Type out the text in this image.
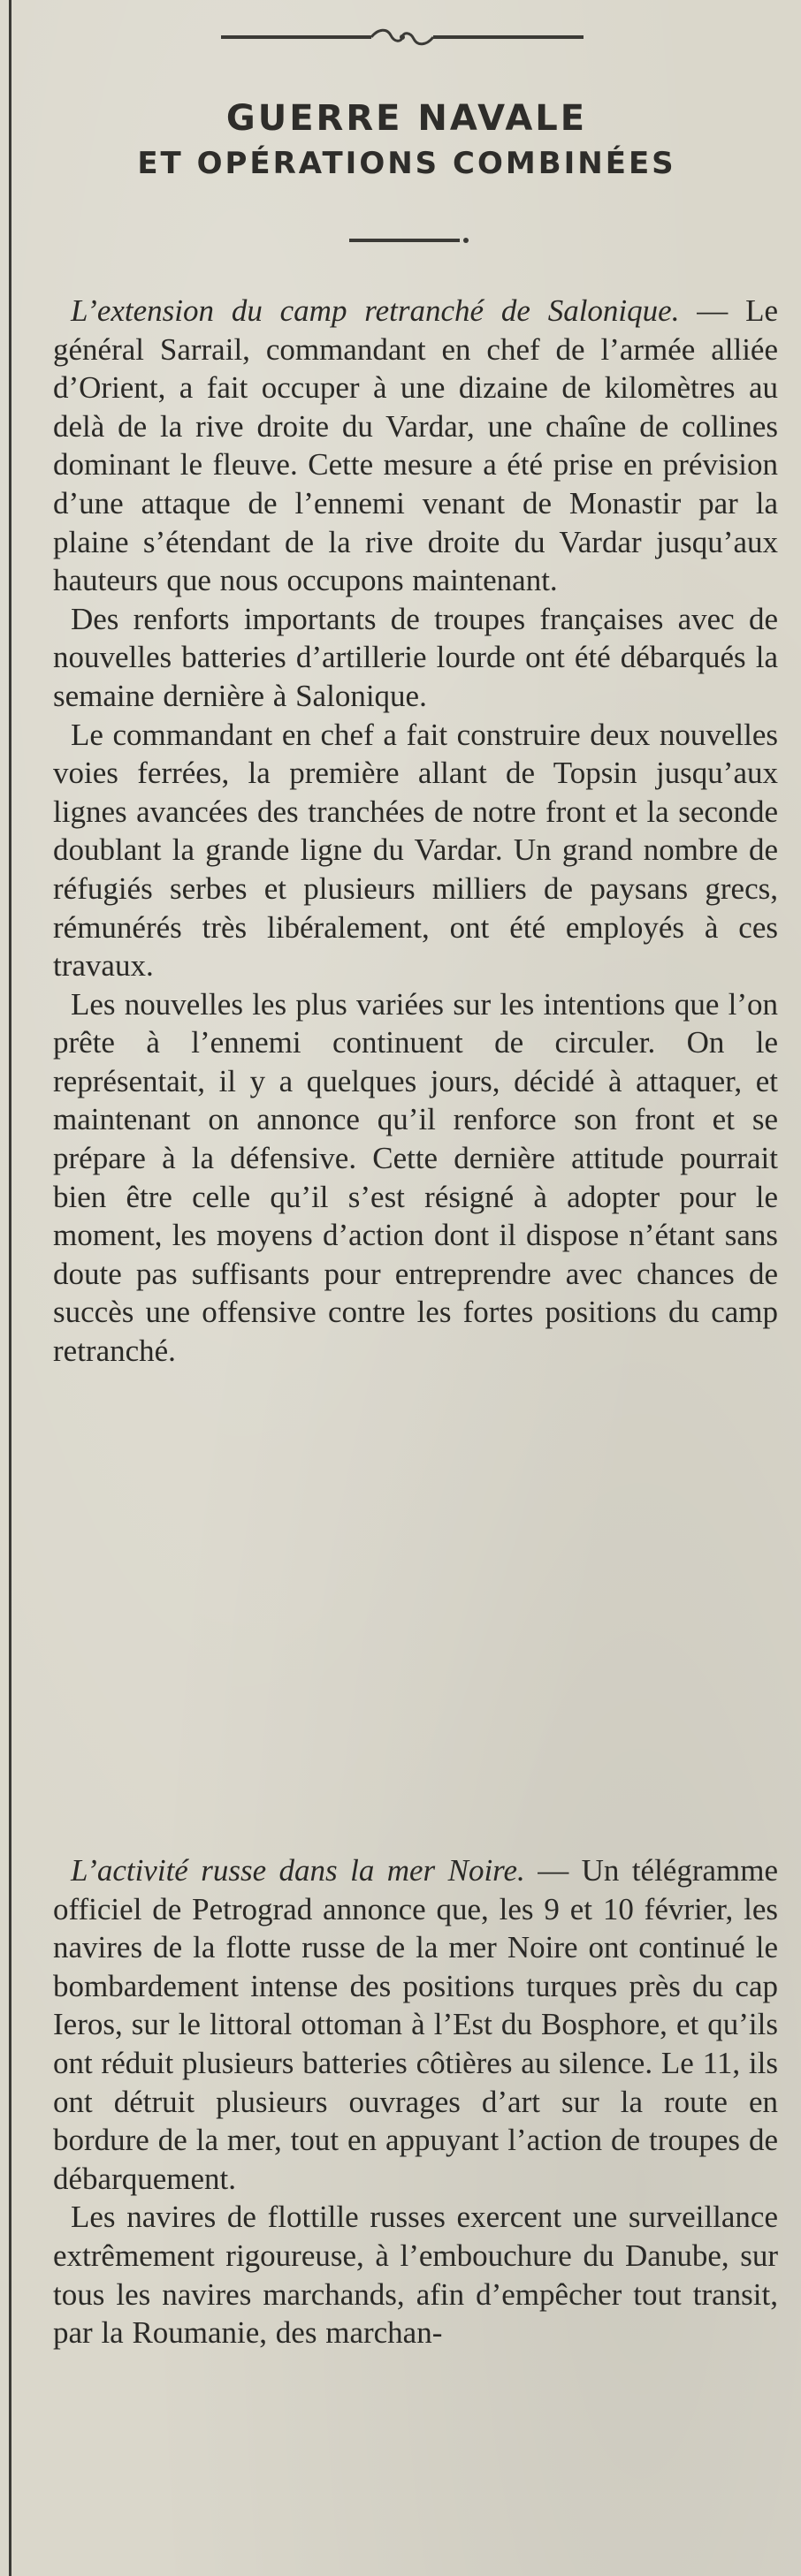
GUERRE NAVALE
ET OPÉRATIONS COMBINÉES

L’extension du camp retranché de Salonique. — Le général Sarrail, commandant en chef de l’armée alliée d’Orient, a fait occuper à une dizaine de kilomètres au delà de la rive droite du Vardar, une chaîne de collines dominant le fleuve. Cette mesure a été prise en prévision d’une attaque de l’ennemi venant de Monastir par la plaine s’étendant de la rive droite du Vardar jusqu’aux hauteurs que nous occupons maintenant.

Des renforts importants de troupes françaises avec de nouvelles batteries d’artillerie lourde ont été débarqués la semaine dernière à Salonique.

Le commandant en chef a fait construire deux nouvelles voies ferrées, la première allant de Topsin jusqu’aux lignes avancées des tranchées de notre front et la seconde doublant la grande ligne du Vardar. Un grand nombre de réfugiés serbes et plusieurs milliers de paysans grecs, rémunérés très libéralement, ont été employés à ces travaux.

Les nouvelles les plus variées sur les intentions que l’on prête à l’ennemi continuent de circuler. On le représentait, il y a quelques jours, décidé à attaquer, et maintenant on annonce qu’il renforce son front et se prépare à la défensive. Cette dernière attitude pourrait bien être celle qu’il s’est résigné à adopter pour le moment, les moyens d’action dont il dispose n’étant sans doute pas suffisants pour entreprendre avec chances de succès une offensive contre les fortes positions du camp retranché.

L’activité russe dans la mer Noire. — Un télégramme officiel de Petrograd annonce que, les 9 et 10 février, les navires de la flotte russe de la mer Noire ont continué le bombardement intense des positions turques près du cap Ieros, sur le littoral ottoman à l’Est du Bosphore, et qu’ils ont réduit plusieurs batteries côtières au silence. Le 11, ils ont détruit plusieurs ouvrages d’art sur la route en bordure de la mer, tout en appuyant l’action de troupes de débarquement.

Les navires de flottille russes exercent une surveillance extrêmement rigoureuse, à l’embouchure du Danube, sur tous les navires marchands, afin d’empêcher tout transit, par la Roumanie, des marchan-
